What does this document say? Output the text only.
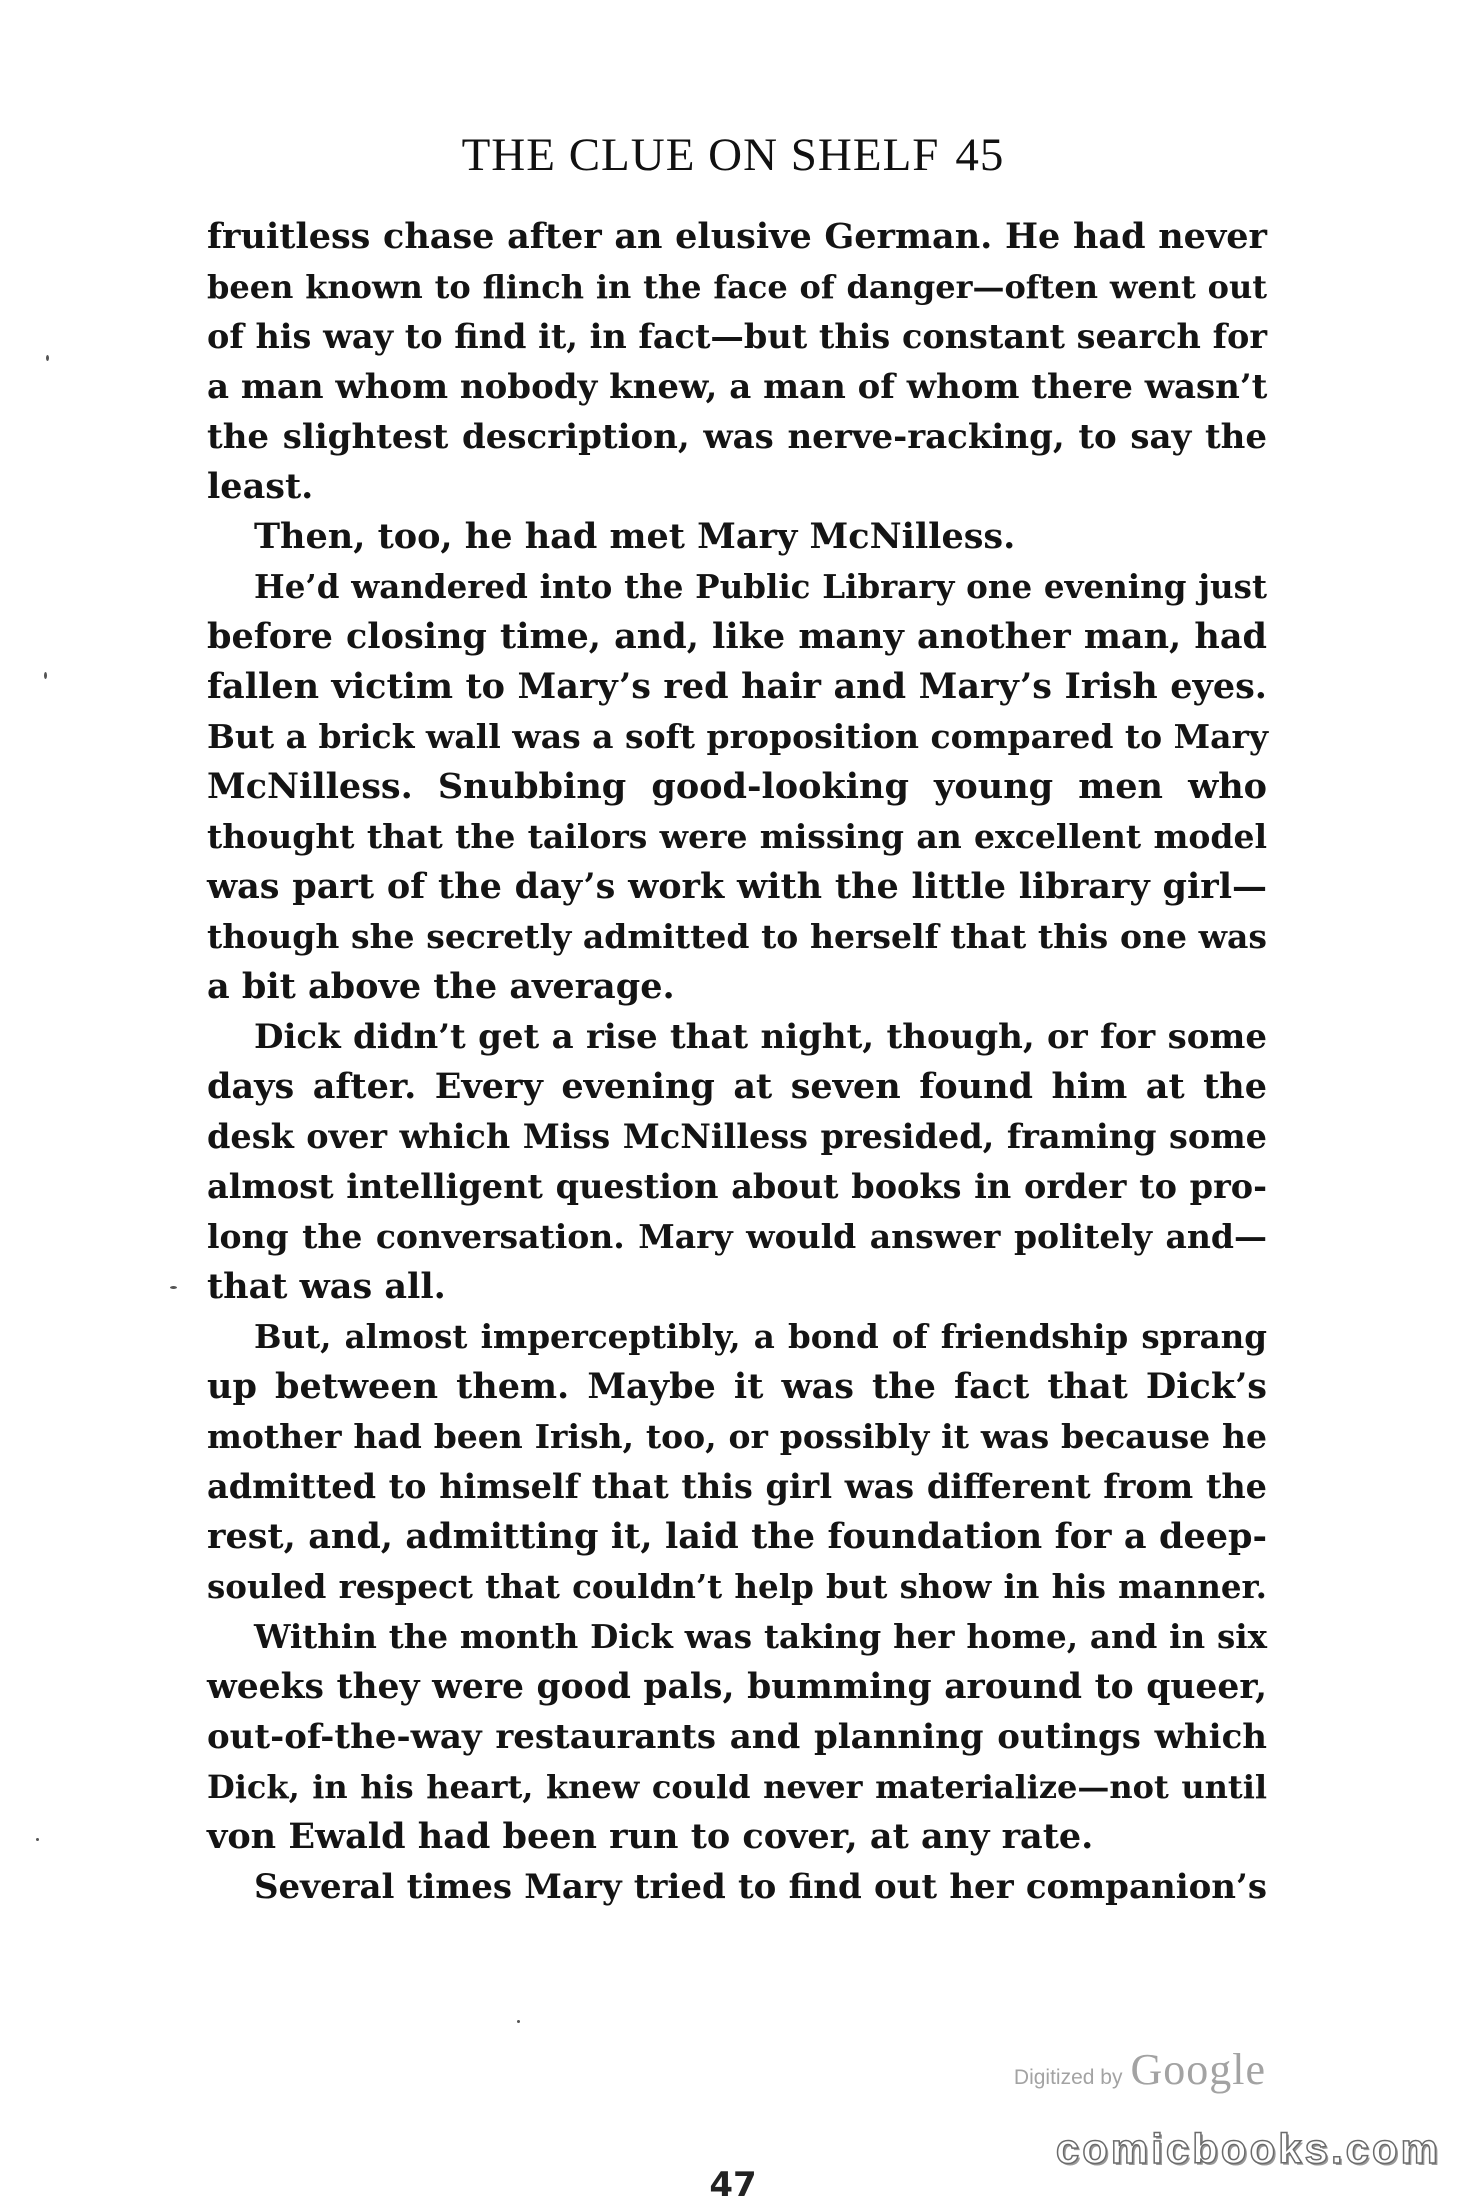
THE CLUE ON SHELF 45
fruitless chase after an elusive German. He had never
been known to flinch in the face of danger—often went out
of his way to find it, in fact—but this constant search for
a man whom nobody knew, a man of whom there wasn’t
the slightest description, was nerve-racking, to say the
least.
Then, too, he had met Mary McNilless.
He’d wandered into the Public Library one evening just
before closing time, and, like many another man, had
fallen victim to Mary’s red hair and Mary’s Irish eyes.
But a brick wall was a soft proposition compared to Mary
McNilless. Snubbing good-looking young men who
thought that the tailors were missing an excellent model
was part of the day’s work with the little library girl—
though she secretly admitted to herself that this one was
a bit above the average.
Dick didn’t get a rise that night, though, or for some
days after. Every evening at seven found him at the
desk over which Miss McNilless presided, framing some
almost intelligent question about books in order to pro-
long the conversation. Mary would answer politely and—
that was all.
But, almost imperceptibly, a bond of friendship sprang
up between them. Maybe it was the fact that Dick’s
mother had been Irish, too, or possibly it was because he
admitted to himself that this girl was different from the
rest, and, admitting it, laid the foundation for a deep-
souled respect that couldn’t help but show in his manner.
Within the month Dick was taking her home, and in six
weeks they were good pals, bumming around to queer,
out-of-the-way restaurants and planning outings which
Dick, in his heart, knew could never materialize—not until
von Ewald had been run to cover, at any rate.
Several times Mary tried to find out her companion’s
47
Digitized by Google
comicbooks.com
